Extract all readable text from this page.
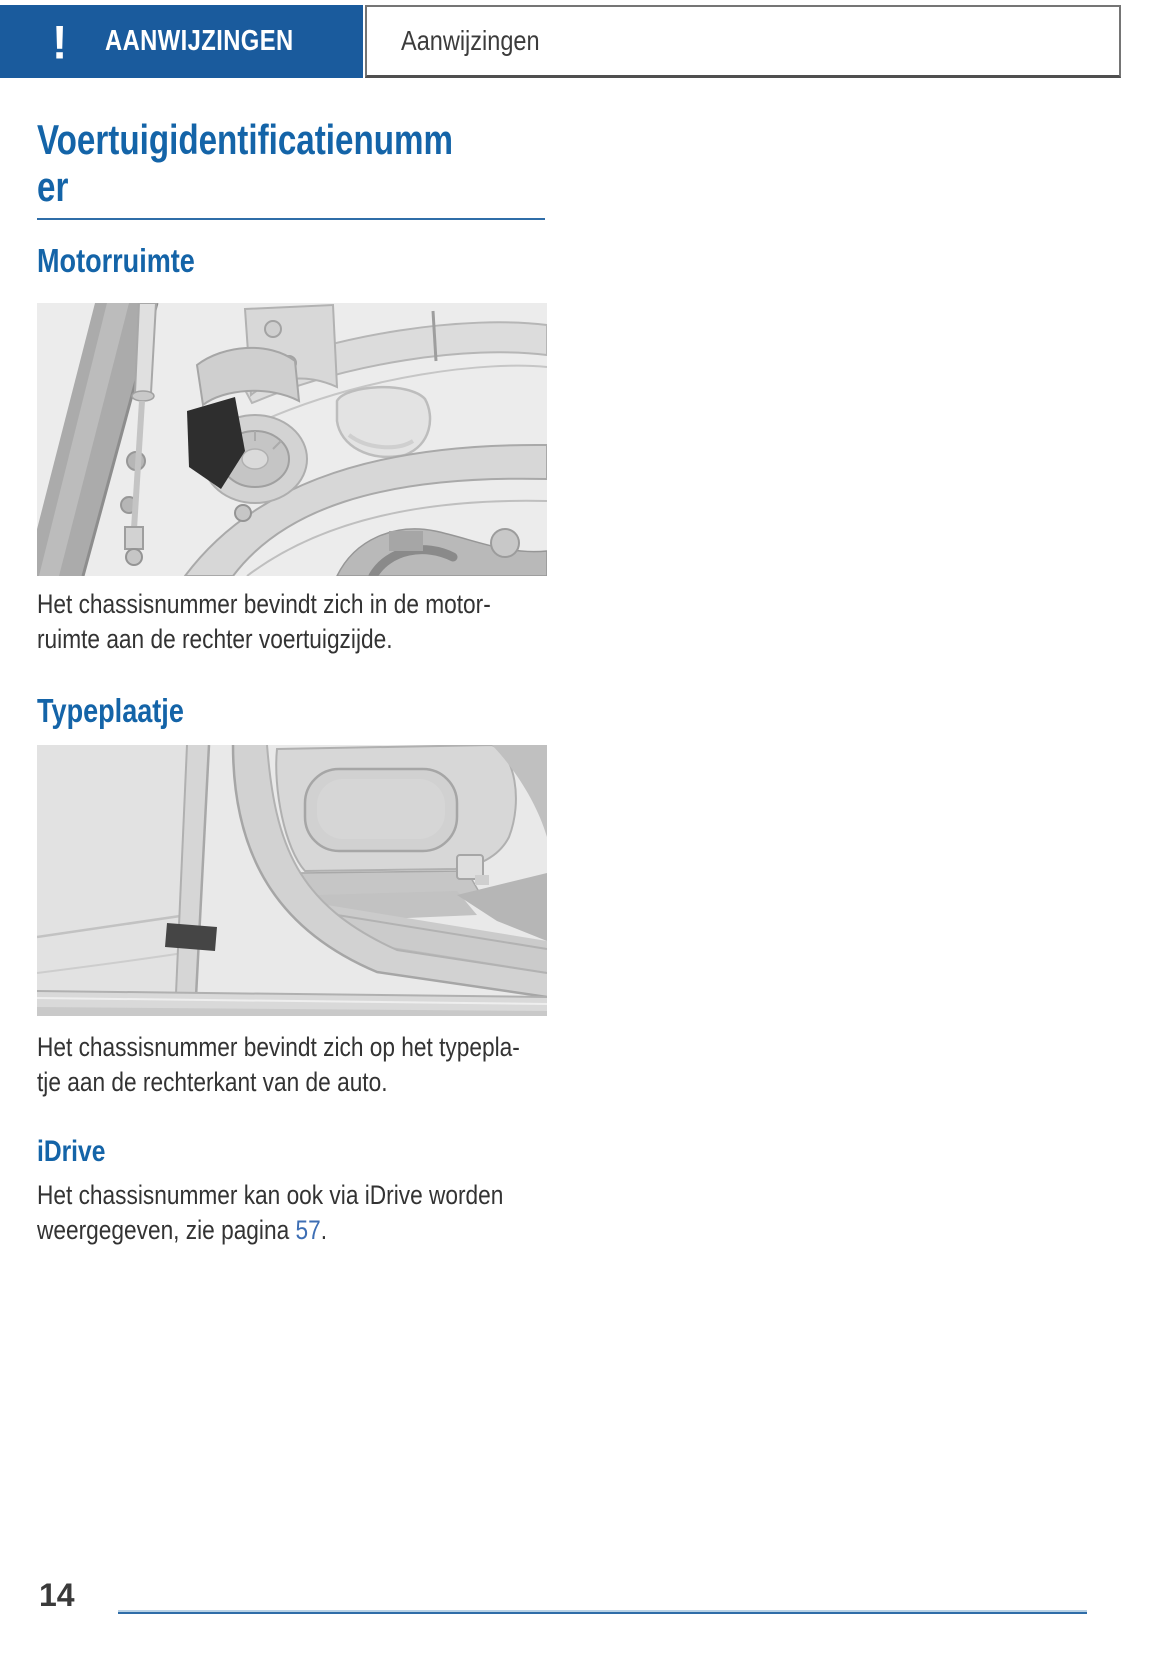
! AANWIJZINGEN	Aanwijzingen
Voertuigidentificatienumm
er
Motorruimte
Het chassisnummer bevindt zich in de motor-
ruimte aan de rechter voertuigzijde.
Typeplaatje
Het chassisnummer bevindt zich op het typepla-
tje aan de rechterkant van de auto.
iDrive
Het chassisnummer kan ook via iDrive worden
weergegeven, zie pagina 57.
14
